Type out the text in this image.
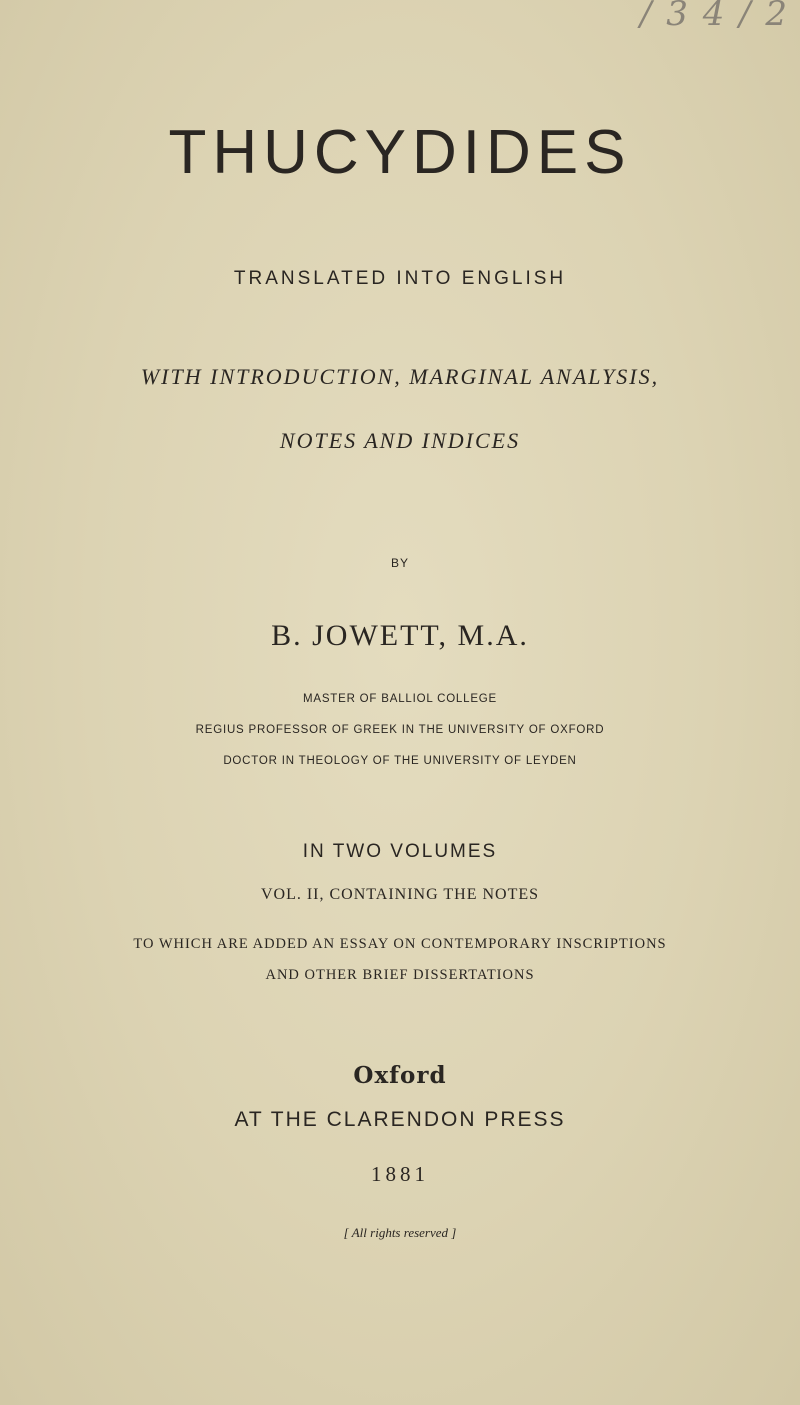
/ 3 4 / 2
THUCYDIDES
TRANSLATED INTO ENGLISH
WITH INTRODUCTION, MARGINAL ANALYSIS,
NOTES AND INDICES
BY
B. JOWETT, M.A.
MASTER OF BALLIOL COLLEGE
REGIUS PROFESSOR OF GREEK IN THE UNIVERSITY OF OXFORD
DOCTOR IN THEOLOGY OF THE UNIVERSITY OF LEYDEN
IN TWO VOLUMES
VOL. II, CONTAINING THE NOTES
TO WHICH ARE ADDED AN ESSAY ON CONTEMPORARY INSCRIPTIONS
AND OTHER BRIEF DISSERTATIONS
Oxford
AT THE CLARENDON PRESS
1881
[ All rights reserved ]
